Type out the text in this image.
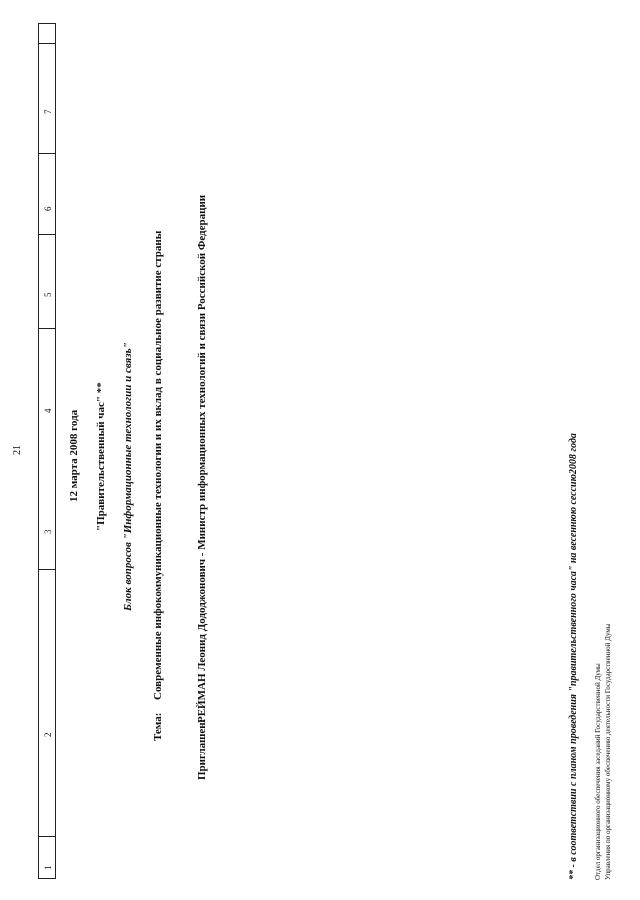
21
1
2
3
4
5
6
7
12 марта 2008 года "Правительственный час" ** Блок вопросов "Информационные технологии и связь"
Тема:
Современные инфокоммуникационные технологии и их вклад в социальное развитие страны
Приглашен:
РЕЙМАН Леонид Дододжонович - Министр информационных технологий и связи Российской Федерации	** - в соответствии с планом проведения "правительственного часа" на весеннюю сессию2008 года Отдел организационного обеспечения заседаний Государственной Думы Управления по организационному обеспечению деятельности Государственной Думы
